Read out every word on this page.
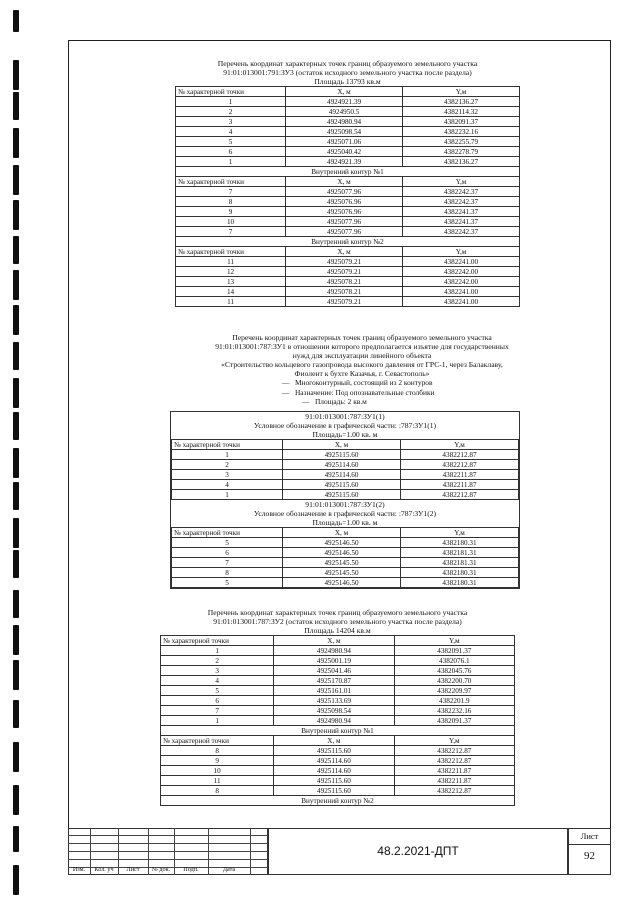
Перечень координат характерных точек границ образуемого земельного участка
91:01:013001:791:ЗУ3 (остаток исходного земельного участка после раздела)
Площадь 13793 кв.м
№ характерной точки	X, м	Y,м
1	4924921.39	4382136.27
2	4924950.5	4382114.32
3	4924980.94	4382091.37
4	4925098.54	4382232.16
5	4925071.06	4382255.79
6	4925040.42	4382278.79
1	4924921.39	4382136.27
Внутренний контур №1		
№ характерной точки	X, м	Y,м
7	4925077.96	4382242.37
8	4925076.96	4382242.37
9	4925076.96	4382241.37
10	4925077.96	4382241.37
7	4925077.96	4382242.37
Внутренний контур №2		
№ характерной точки	X, м	Y,м
11	4925079.21	4382241.00
12	4925079.21	4382242.00
13	4925078.21	4382242.00
14	4925078.21	4382241.00
11	4925079.21	4382241.00
Перечень координат характерных точек границ образуемого земельного участка
91:01:013001:787:ЗУ1 в отношении которого предполагается изъятие для государственных
нужд для эксплуатации линейного объекта
«Строительство кольцевого газопровода высокого давления от ГРС-1, через Балаклаву,
Фиолент к бухте Казачья, г. Севастополь»
— Многоконтурный, состоящий из 2 контуров
— Назначение: Под опознавательные столбики
— Площадь: 2 кв.м
91:01:013001:787:ЗУ1(1)
Условное обозначение в графической части: :787:ЗУ1(1)
Площадь=1.00 кв. м
№ характерной точки	X, м	Y,м
1	4925115.60	4382212.87
2	4925114.60	4382212.87
3	4925114.60	4382211.87
4	4925115.60	4382211.87
1	4925115.60	4382212.87
91:01:013001:787:ЗУ1(2)
Условное обозначение в графической части: :787:ЗУ1(2)
Площадь=1.00 кв. м
№ характерной точки	X, м	Y,м
5	4925146.50	4382180.31
6	4925146.50	4382181.31
7	4925145.50	4382181.31
8	4925145.50	4382180.31
5	4925146.50	4382180.31
Перечень координат характерных точек границ образуемого земельного участка
91:01:013001:787:ЗУ2 (остаток исходного земельного участка после раздела)
Площадь 14204 кв.м
№ характерной точки	X, м	Y,м
1	4924980.94	4382091.37
2	4925001.19	4382076.1
3	4925041.46	4382045.76
4	4925170.87	4382200.70
5	4925161.01	4382209.97
6	4925133.69	4382201.9
7	4925098.54	4382232.16
1	4924980.94	4382091.37
Внутренний контур №1		
№ характерной точки	X, м	Y,м
8	4925115.60	4382212.87
9	4925114.60	4382212.87
10	4925114.60	4382211.87
11	4925115.60	4382211.87
8	4925115.60	4382212.87
Внутренний контур №2		
48.2.2021-ДПТ
Лист
92
Изм.	Кол. уч	Лист	№ док.	Подп.	Дата
